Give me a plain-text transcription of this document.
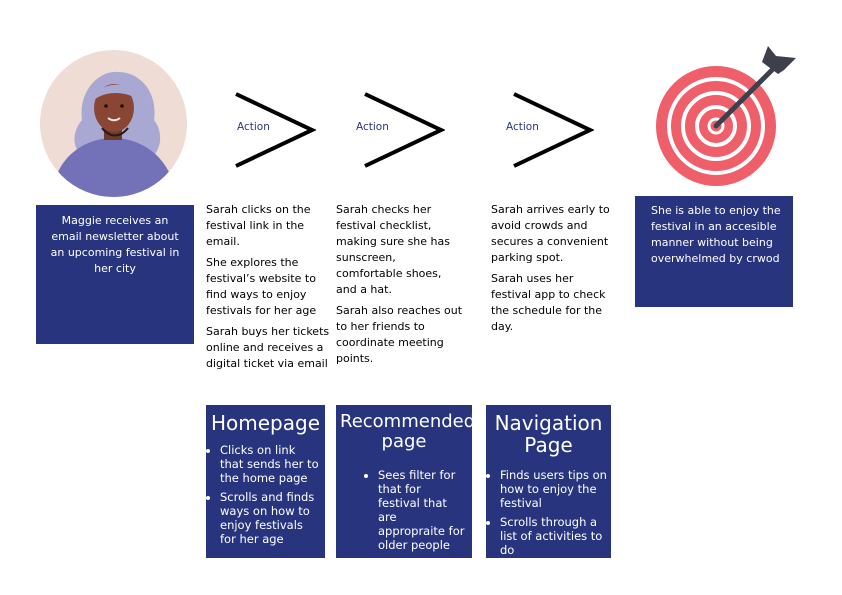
Maggie receives an email newsletter about an upcoming festival in her city
Action	Action	Action

Sarah clicks on the festival link in the email.

She explores the festival’s website to find ways to enjoy festivals for her age

Sarah buys her tickets online and receives a digital ticket via email

Sarah checks her festival checklist, making sure she has sunscreen, comfortable shoes, and a hat.

Sarah also reaches out to her friends to coordinate meeting points.

Sarah arrives early to avoid crowds and secures a convenient parking spot.

Sarah uses her festival app to check the schedule for the day.

She is able to enjoy the festival in an accesible manner without being overwhelmed by crwod
Homepage
• Clicks on link that sends her to the home page
• Scrolls and finds ways on how to enjoy festivals for her age
Recommended page
• Sees filter for that for festival that are appropraite for older people
Navigation Page
• Finds users tips on how to enjoy the festival
• Scrolls through a list of activities to do
